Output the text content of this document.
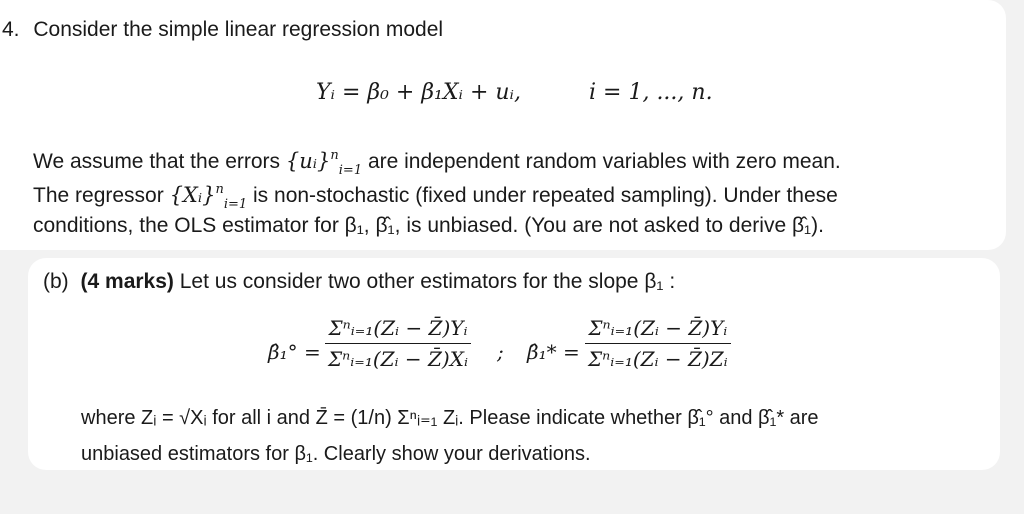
4. Consider the simple linear regression model
Yᵢ = β₀ + β₁Xᵢ + uᵢ,	i = 1, ..., n.
We assume that the errors {uᵢ}$^n_{i=1}$ are independent random variables with zero mean.
The regressor {Xᵢ}$^n_{i=1}$ is non-stochastic (fixed under repeated sampling). Under these
conditions, the OLS estimator for β₁, β̂₁, is unbiased. (You are not asked to derive β̂₁).
(b) (4 marks) Let us consider two other estimators for the slope β₁ :
β̂₁° =
Σⁿᵢ₌₁(Zᵢ − Z̄)Yᵢ
Σⁿᵢ₌₁(Zᵢ − Z̄)Xᵢ ; β̂₁* =
Σⁿᵢ₌₁(Zᵢ − Z̄)Yᵢ
Σⁿᵢ₌₁(Zᵢ − Z̄)Zᵢ
where Zᵢ = √Xᵢ for all i and Z̄ = (1/n) Σⁿᵢ₌₁ Zᵢ. Please indicate whether β̂₁° and β̂₁* are
unbiased estimators for β₁. Clearly show your derivations.
